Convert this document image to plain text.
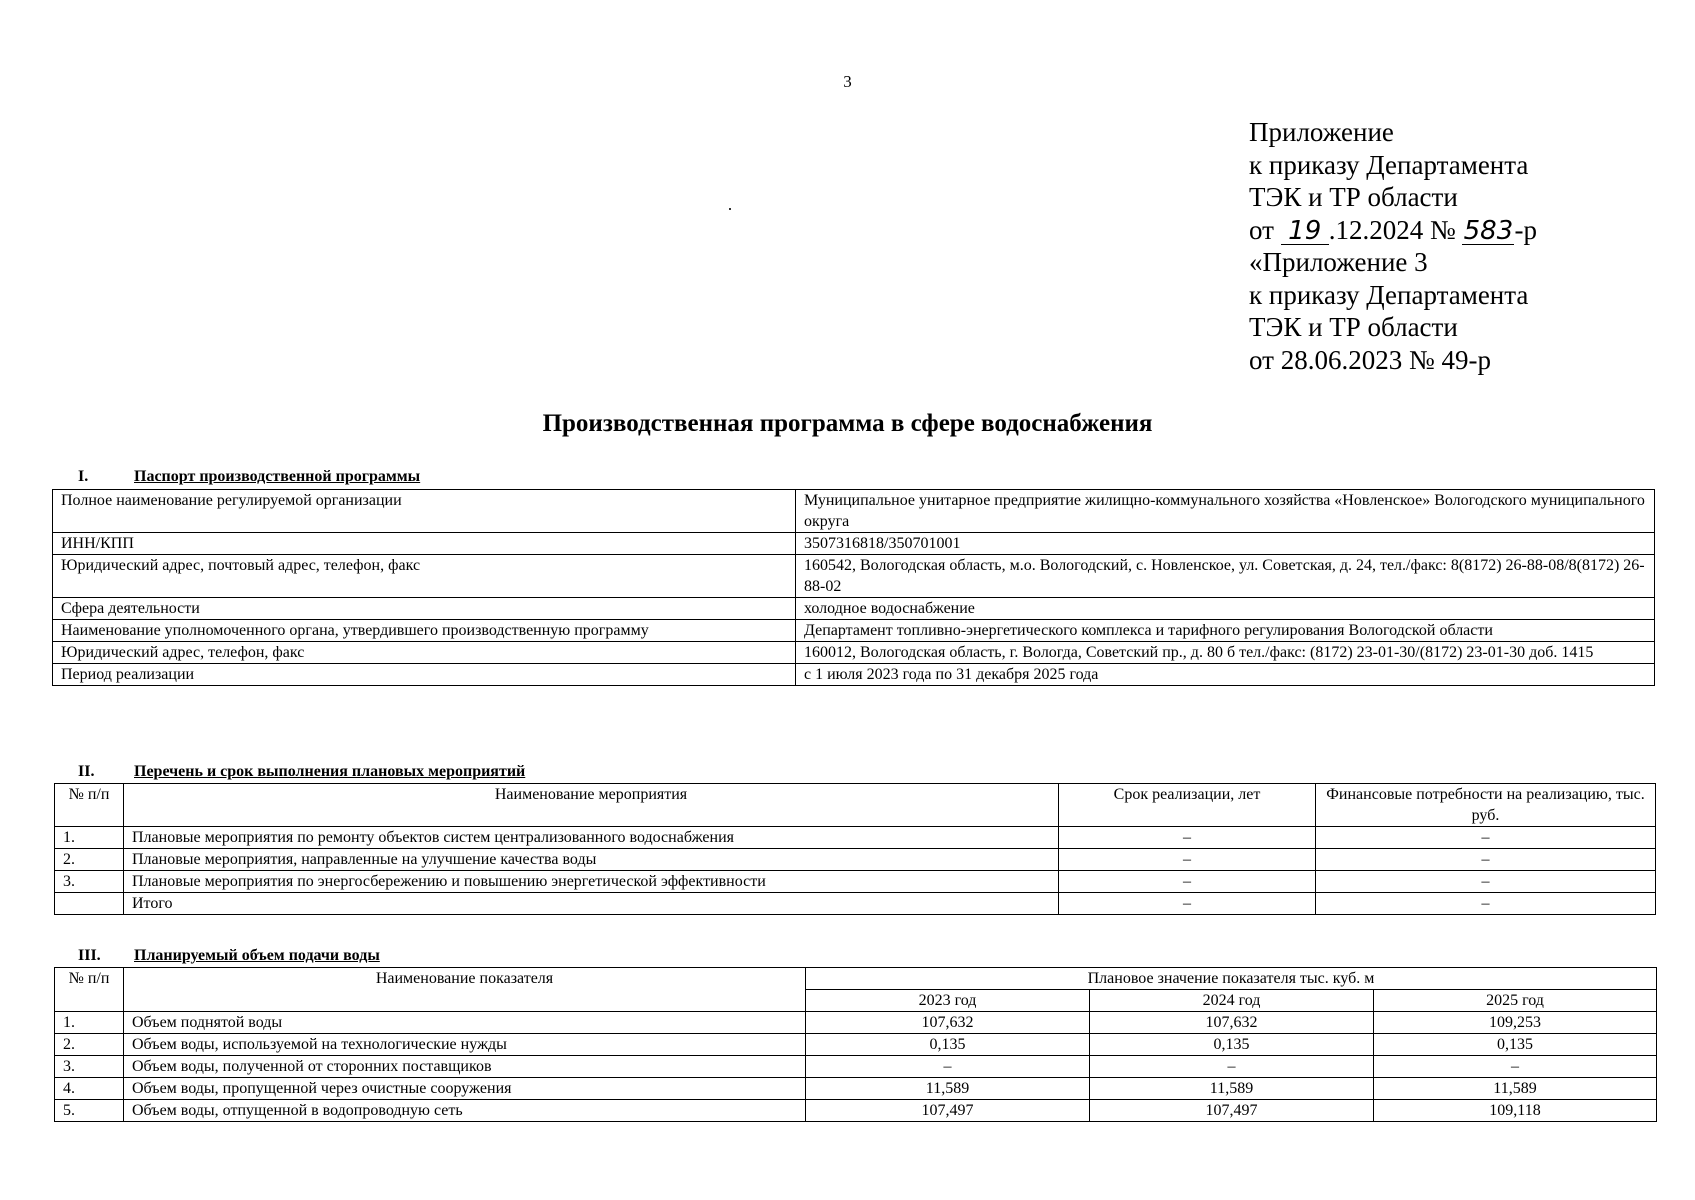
3
Приложение
к приказу Департамента
ТЭК и ТР области
от 19 .12.2024 № 583-р
«Приложение 3
к приказу Департамента
ТЭК и ТР области
от 28.06.2023 № 49-р
Производственная программа в сфере водоснабжения
I.	Паспорт производственной программы
Полное наименование регулируемой организации	Муниципальное унитарное предприятие жилищно-коммунального хозяйства «Новленское» Вологодского муниципального округа
ИНН/КПП	3507316818/350701001
Юридический адрес, почтовый адрес, телефон, факс	160542, Вологодская область, м.о. Вологодский, с. Новленское, ул. Советская, д. 24, тел./факс: 8(8172) 26-88-08/8(8172) 26-88-02
Сфера деятельности	холодное водоснабжение
Наименование уполномоченного органа, утвердившего производственную программу	Департамент топливно-энергетического комплекса и тарифного регулирования Вологодской области
Юридический адрес, телефон, факс	160012, Вологодская область, г. Вологда, Советский пр., д. 80 б тел./факс: (8172) 23-01-30/(8172) 23-01-30 доб. 1415
Период реализации	с 1 июля 2023 года по 31 декабря 2025 года
II. Перечень и срок выполнения плановых мероприятий
№ п/п	Наименование мероприятия	Срок реализации, лет	Финансовые потребности на реализацию, тыс. руб.
1.	Плановые мероприятия по ремонту объектов систем централизованного водоснабжения	–	–
2.	Плановые мероприятия, направленные на улучшение качества воды	–	–
3.	Плановые мероприятия по энергосбережению и повышению энергетической эффективности	–	–
	Итого	–	–
III. Планируемый объем подачи воды
№ п/п	Наименование показателя	Плановое значение показателя тыс. куб. м		
		2023 год	2024 год	2025 год
1.	Объем поднятой воды	107,632	107,632	109,253
2.	Объем воды, используемой на технологические нужды	0,135	0,135	0,135
3.	Объем воды, полученной от сторонних поставщиков	–	–	–
4.	Объем воды, пропущенной через очистные сооружения	11,589	11,589	11,589
5.	Объем воды, отпущенной в водопроводную сеть	107,497	107,497	109,118
